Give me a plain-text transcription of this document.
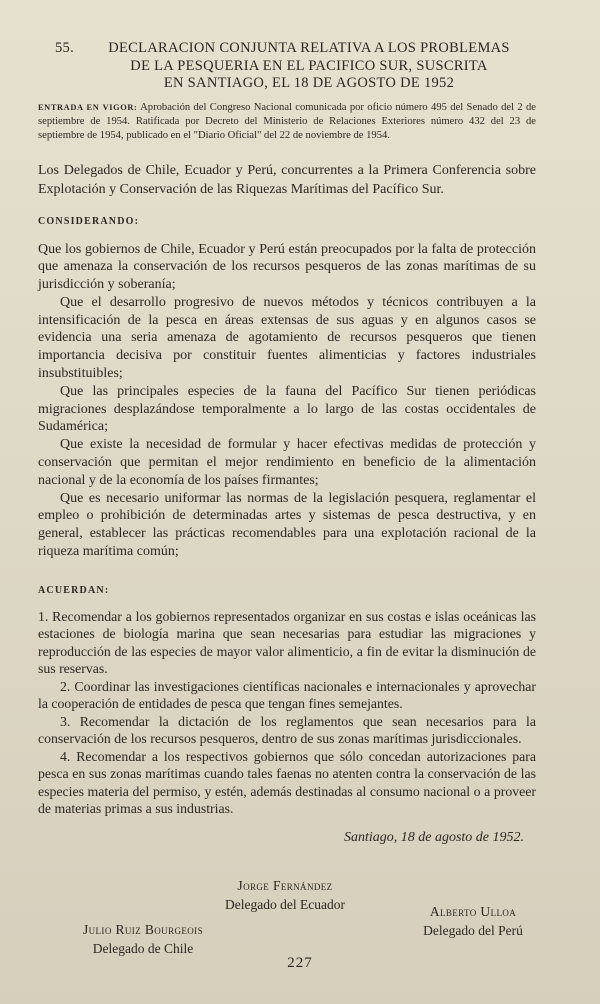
55.	DECLARACION CONJUNTA RELATIVA A LOS PROBLEMAS
DE LA PESQUERIA EN EL PACIFICO SUR, SUSCRITA
EN SANTIAGO, EL 18 DE AGOSTO DE 1952
ENTRADA EN VIGOR: Aprobación del Congreso Nacional comunicada por oficio número 495 del Senado del 2 de septiembre de 1954. Ratificada por Decreto del Ministerio de Relaciones Exteriores número 432 del 23 de septiembre de 1954, publicado en el "Diario Oficial" del 22 de noviembre de 1954.
Los Delegados de Chile, Ecuador y Perú, concurrentes a la Primera Conferencia sobre Explotación y Conservación de las Riquezas Marítimas del Pacífico Sur.
CONSIDERANDO:

Que los gobiernos de Chile, Ecuador y Perú están preocupados por la falta de protección que amenaza la conservación de los recursos pesqueros de las zonas marítimas de su jurisdicción y soberanía;

Que el desarrollo progresivo de nuevos métodos y técnicos contribuyen a la intensificación de la pesca en áreas extensas de sus aguas y en algunos casos se evidencia una seria amenaza de agotamiento de recursos pesqueros que tienen importancia decisiva por constituir fuentes alimenticias y factores industriales insubstituibles;

Que las principales especies de la fauna del Pacífico Sur tienen periódicas migraciones desplazándose temporalmente a lo largo de las costas occidentales de Sudamérica;

Que existe la necesidad de formular y hacer efectivas medidas de protección y conservación que permitan el mejor rendimiento en beneficio de la alimentación nacional y de la economía de los países firmantes;

Que es necesario uniformar las normas de la legislación pesquera, reglamentar el empleo o prohibición de determinadas artes y sistemas de pesca destructiva, y en general, establecer las prácticas recomendables para una explotación racional de la riqueza marítima común;

ACUERDAN:

1. Recomendar a los gobiernos representados organizar en sus costas e islas oceánicas las estaciones de biología marina que sean necesarias para estudiar las migraciones y reproducción de las especies de mayor valor alimenticio, a fin de evitar la disminución de sus reservas.

2. Coordinar las investigaciones científicas nacionales e internacionales y aprovechar la cooperación de entidades de pesca que tengan fines semejantes.

3. Recomendar la dictación de los reglamentos que sean necesarios para la conservación de los recursos pesqueros, dentro de sus zonas marítimas jurisdiccionales.

4. Recomendar a los respectivos gobiernos que sólo concedan autorizaciones para pesca en sus zonas marítimas cuando tales faenas no atenten contra la conservación de las especies materia del permiso, y estén, además destinadas al consumo nacional o a proveer de materias primas a sus industrias.

Santiago, 18 de agosto de 1952.
Jorge Fernández
Delegado del Ecuador	Alberto Ulloa
Delegado del Perú
Julio Ruiz Bourgeois
Delegado de Chile
227
